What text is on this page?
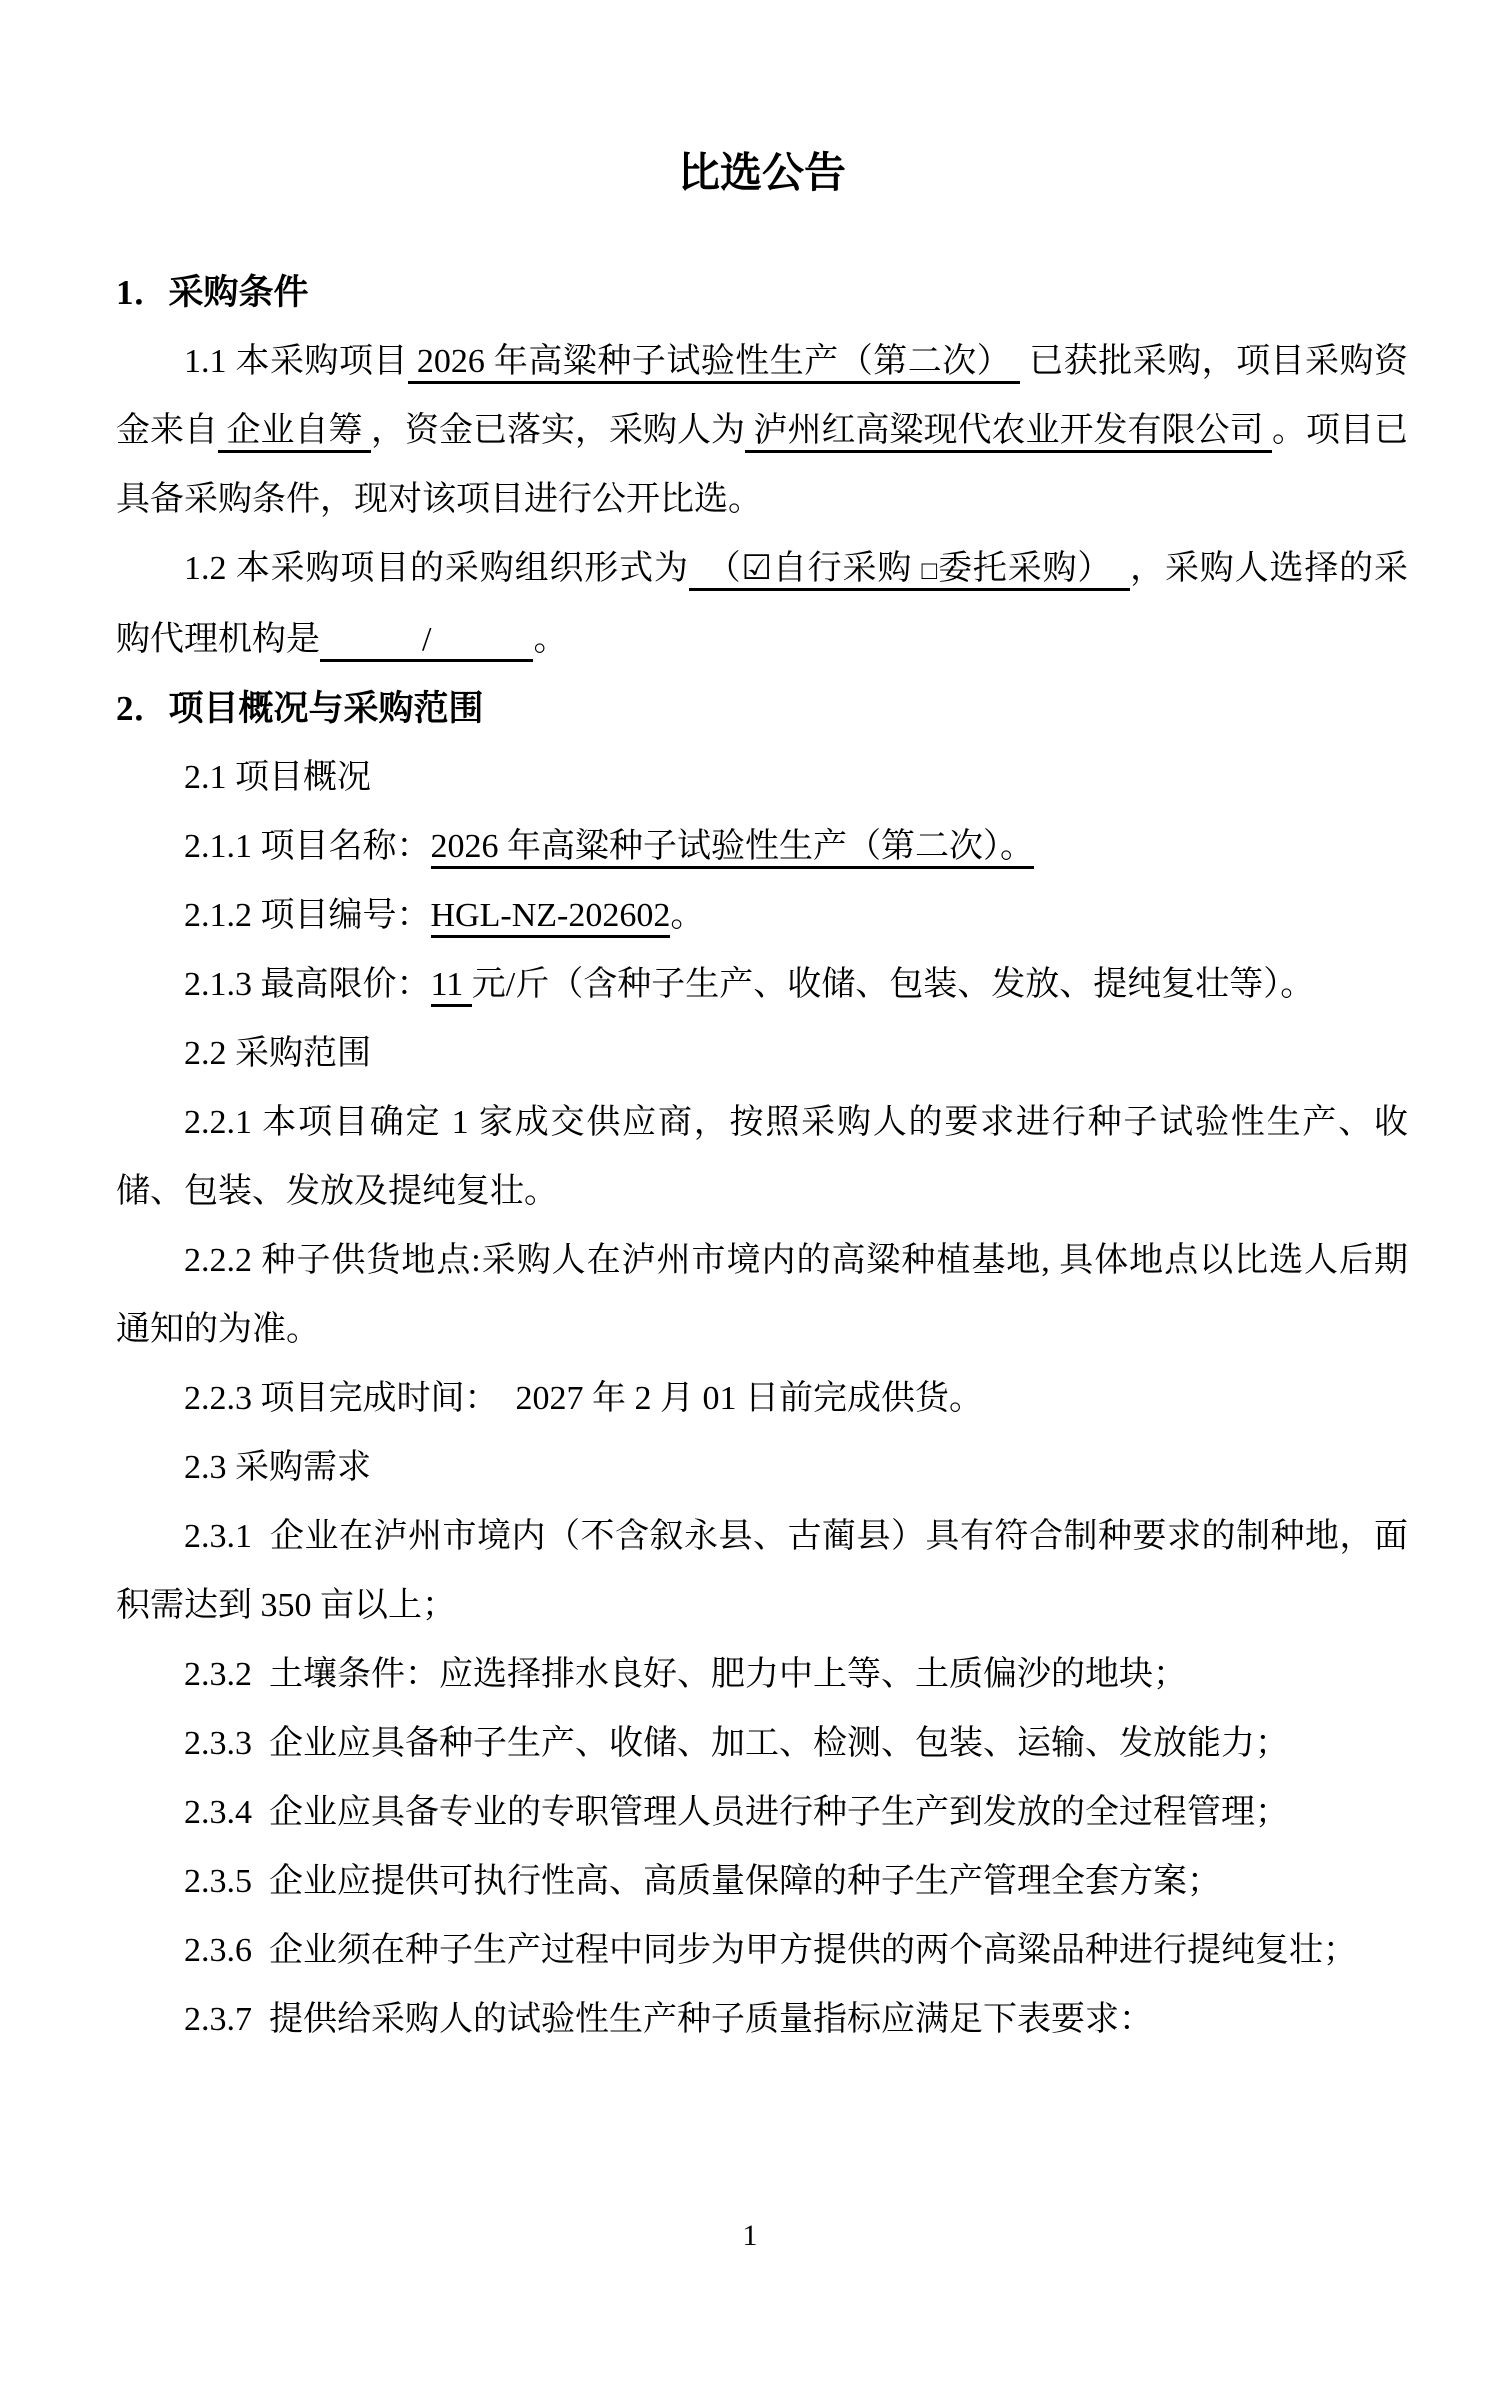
比选公告
1．采购条件

1.1 本采购项目 2026 年高粱种子试验性生产（第二次）  已获批采购，项目采购资金来自 企业自筹 ，资金已落实，采购人为 泸州红高粱现代农业开发有限公司 。项目已具备采购条件，现对该项目进行公开比选。

1.2 本采购项目的采购组织形式为　（☑自行采购 □委托采购）　，采购人选择的采购代理机构是　　　/　　　。

2．项目概况与采购范围

2.1 项目概况

2.1.1 项目名称：2026 年高粱种子试验性生产（第二次）。

2.1.2 项目编号：HGL-NZ-202602。

2.1.3 最高限价：11 元/斤（含种子生产、收储、包装、发放、提纯复壮等）。

2.2 采购范围

2.2.1 本项目确定 1 家成交供应商，按照采购人的要求进行种子试验性生产、收储、包装、发放及提纯复壮。

2.2.2 种子供货地点:采购人在泸州市境内的高粱种植基地, 具体地点以比选人后期通知的为准。

2.2.3 项目完成时间：　2027 年 2 月 01 日前完成供货。

2.3 采购需求

2.3.1  企业在泸州市境内（不含叙永县、古蔺县）具有符合制种要求的制种地，面积需达到 350 亩以上；

2.3.2  土壤条件：应选择排水良好、肥力中上等、土质偏沙的地块；

2.3.3  企业应具备种子生产、收储、加工、检测、包装、运输、发放能力；

2.3.4  企业应具备专业的专职管理人员进行种子生产到发放的全过程管理；

2.3.5  企业应提供可执行性高、高质量保障的种子生产管理全套方案；

2.3.6  企业须在种子生产过程中同步为甲方提供的两个高粱品种进行提纯复壮；

2.3.7  提供给采购人的试验性生产种子质量指标应满足下表要求：

1
